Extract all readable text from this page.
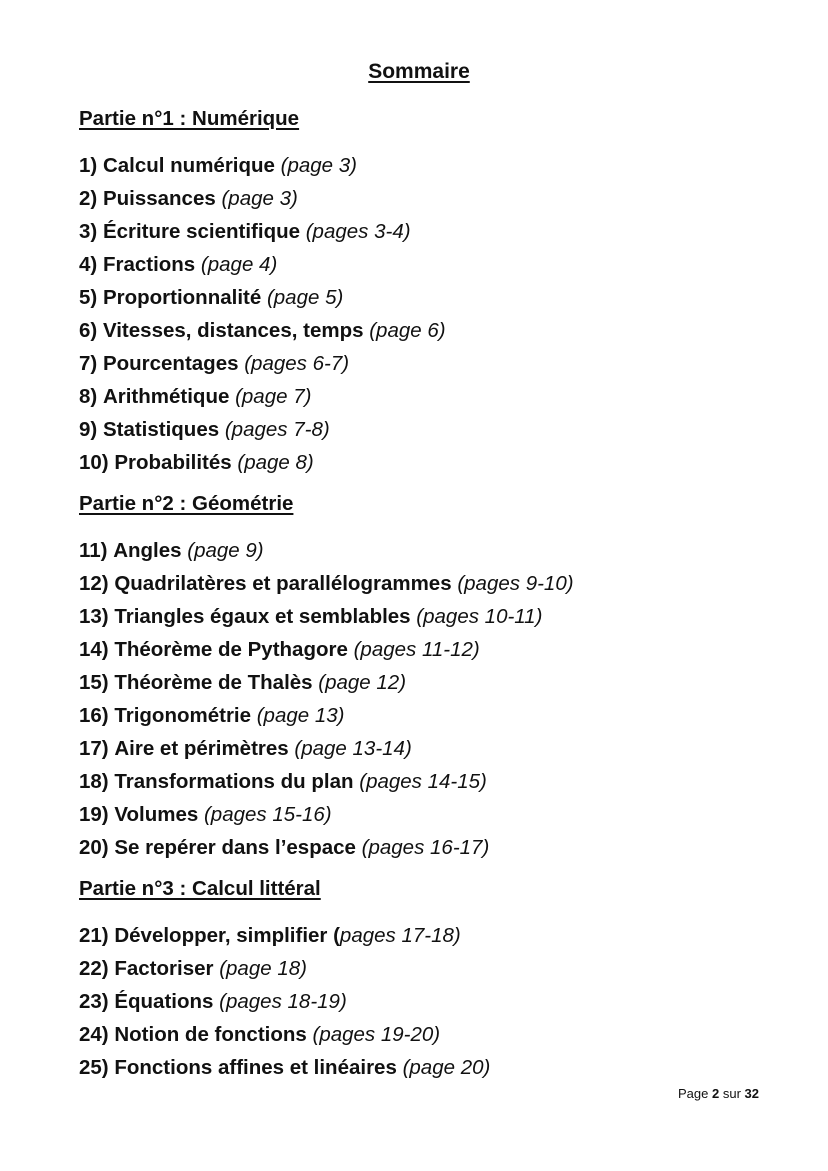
Sommaire
Partie n°1 : Numérique
1) Calcul numérique (page 3)
2) Puissances (page 3)
3) Écriture scientifique (pages 3-4)
4) Fractions (page 4)
5) Proportionnalité (page 5)
6) Vitesses, distances, temps (page 6)
7) Pourcentages (pages 6-7)
8) Arithmétique (page 7)
9) Statistiques (pages 7-8)
10) Probabilités (page 8)
Partie n°2 : Géométrie
11) Angles (page 9)
12) Quadrilatères et parallélogrammes (pages 9-10)
13) Triangles égaux et semblables (pages 10-11)
14) Théorème de Pythagore (pages 11-12)
15) Théorème de Thalès (page 12)
16) Trigonométrie (page 13)
17) Aire et périmètres (page 13-14)
18) Transformations du plan (pages 14-15)
19) Volumes (pages 15-16)
20) Se repérer dans l’espace (pages 16-17)
Partie n°3 : Calcul littéral
21) Développer, simplifier (pages 17-18)
22) Factoriser (page 18)
23) Équations (pages 18-19)
24) Notion de fonctions (pages 19-20)
25) Fonctions affines et linéaires (page 20)
Page 2 sur 32
